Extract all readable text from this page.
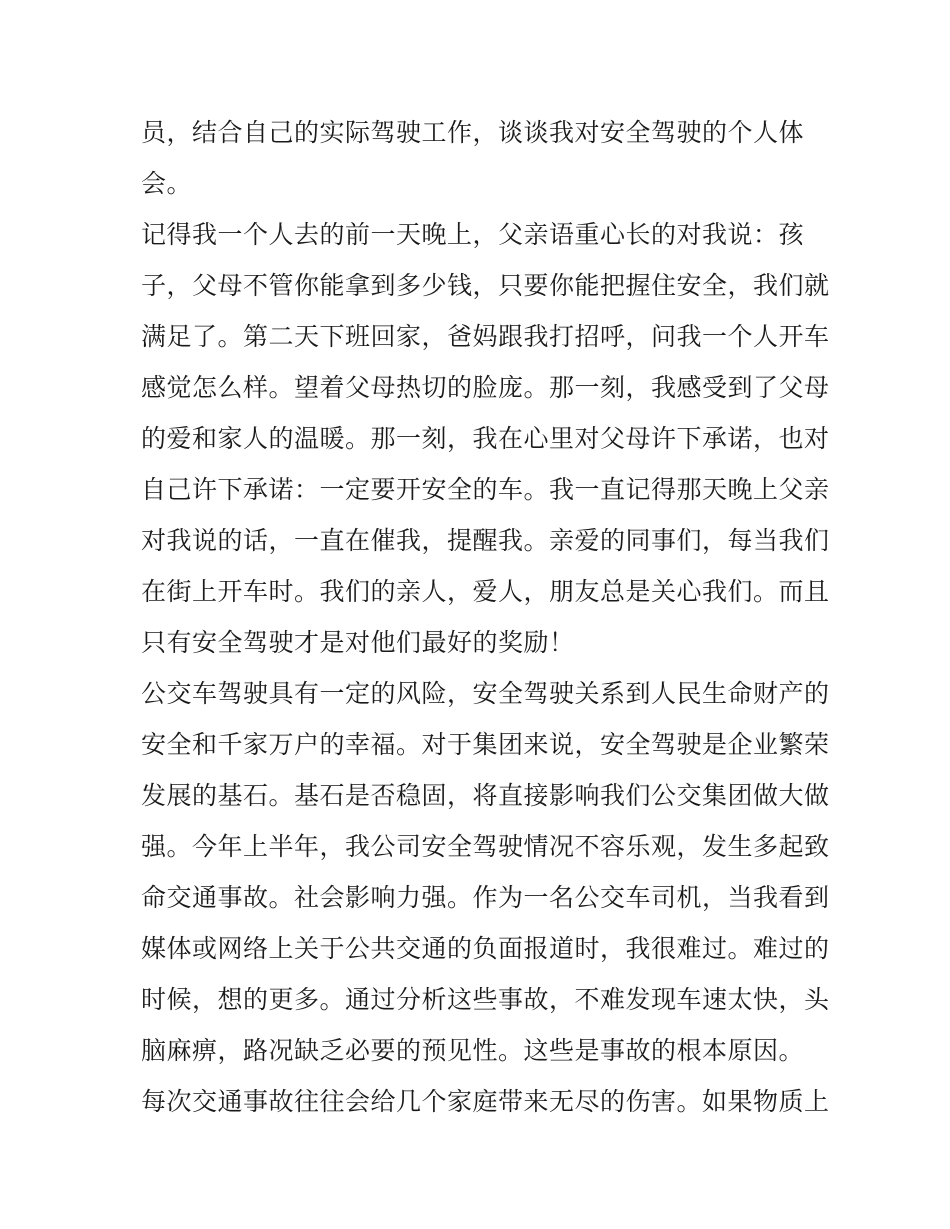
员，结合自己的实际驾驶工作，谈谈我对安全驾驶的个人体
会。
记得我一个人去的前一天晚上，父亲语重心长的对我说：孩
子，父母不管你能拿到多少钱，只要你能把握住安全，我们就
满足了。第二天下班回家，爸妈跟我打招呼，问我一个人开车
感觉怎么样。望着父母热切的脸庞。那一刻，我感受到了父母
的爱和家人的温暖。那一刻，我在心里对父母许下承诺，也对
自己许下承诺：一定要开安全的车。我一直记得那天晚上父亲
对我说的话，一直在催我，提醒我。亲爱的同事们，每当我们
在街上开车时。我们的亲人，爱人，朋友总是关心我们。而且
只有安全驾驶才是对他们最好的奖励！
公交车驾驶具有一定的风险，安全驾驶关系到人民生命财产的
安全和千家万户的幸福。对于集团来说，安全驾驶是企业繁荣
发展的基石。基石是否稳固，将直接影响我们公交集团做大做
强。今年上半年，我公司安全驾驶情况不容乐观，发生多起致
命交通事故。社会影响力强。作为一名公交车司机，当我看到
媒体或网络上关于公共交通的负面报道时，我很难过。难过的
时候，想的更多。通过分析这些事故，不难发现车速太快，头
脑麻痹，路况缺乏必要的预见性。这些是事故的根本原因。
每次交通事故往往会给几个家庭带来无尽的伤害。如果物质上
